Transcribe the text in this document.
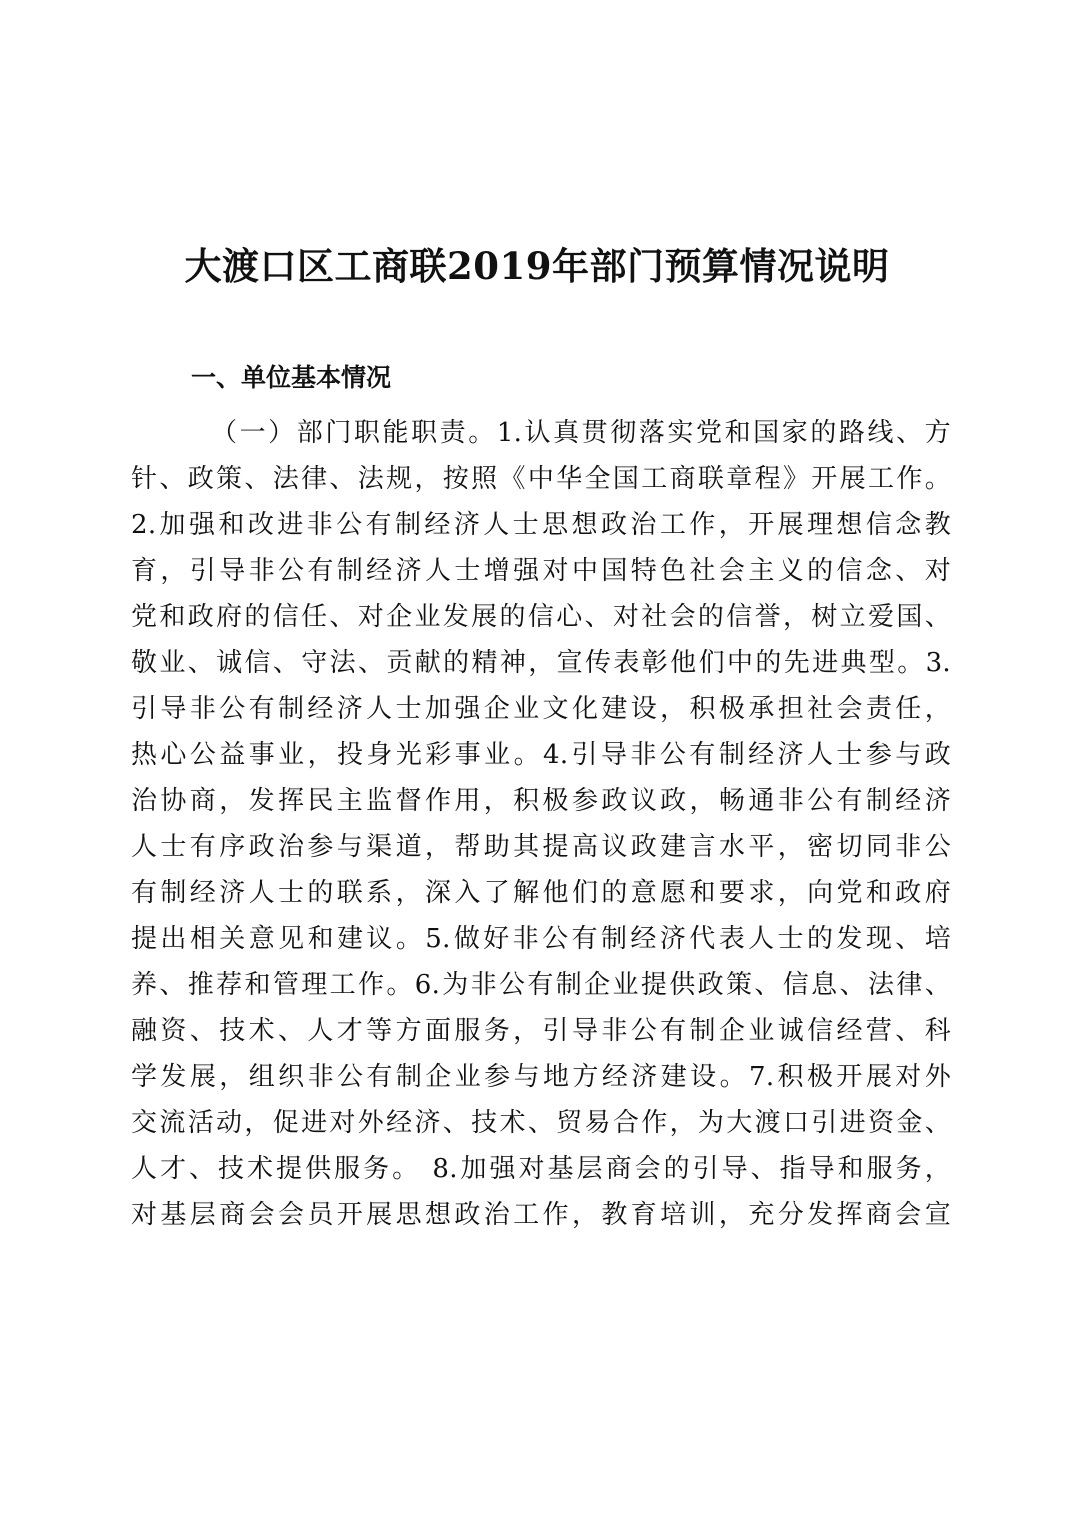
大渡口区工商联2019年部门预算情况说明
一、单位基本情况
（一）部门职能职责。1.认真贯彻落实党和国家的路线、方
针、政策、法律、法规，按照《中华全国工商联章程》开展工作。
2.加强和改进非公有制经济人士思想政治工作，开展理想信念教
育，引导非公有制经济人士增强对中国特色社会主义的信念、对
党和政府的信任、对企业发展的信心、对社会的信誉，树立爱国、
敬业、诚信、守法、贡献的精神，宣传表彰他们中的先进典型。3.
引导非公有制经济人士加强企业文化建设，积极承担社会责任，
热心公益事业，投身光彩事业。4.引导非公有制经济人士参与政
治协商，发挥民主监督作用，积极参政议政，畅通非公有制经济
人士有序政治参与渠道，帮助其提高议政建言水平，密切同非公
有制经济人士的联系，深入了解他们的意愿和要求，向党和政府
提出相关意见和建议。5.做好非公有制经济代表人士的发现、培
养、推荐和管理工作。6.为非公有制企业提供政策、信息、法律、
融资、技术、人才等方面服务，引导非公有制企业诚信经营、科
学发展，组织非公有制企业参与地方经济建设。7.积极开展对外
交流活动，促进对外经济、技术、贸易合作，为大渡口引进资金、
人才、技术提供服务。 8.加强对基层商会的引导、指导和服务，
对基层商会会员开展思想政治工作，教育培训，充分发挥商会宣
